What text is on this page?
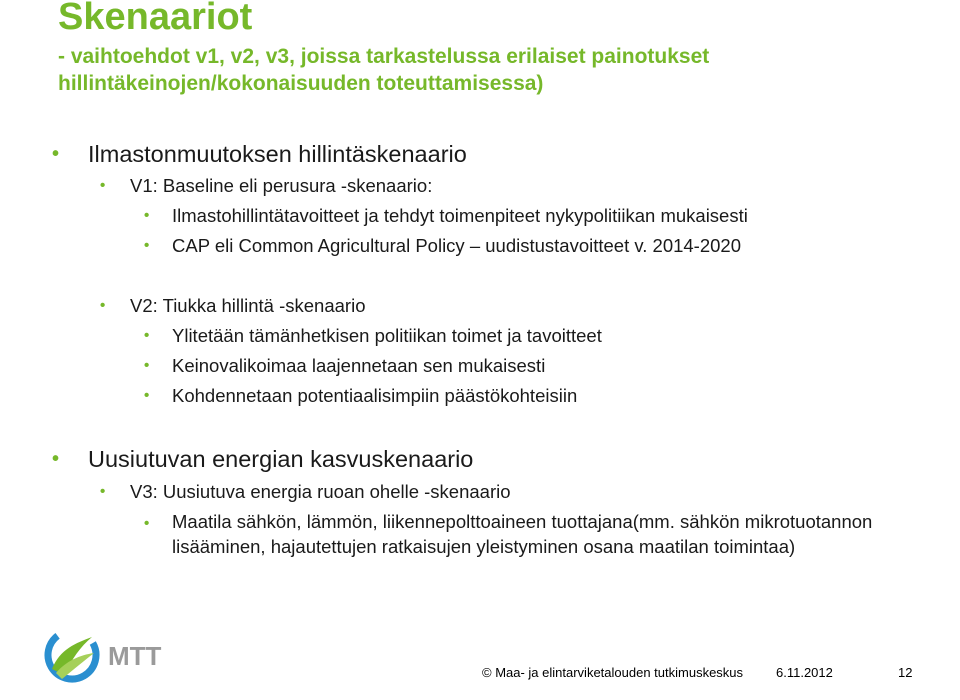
Skenaariot
- vaihtoehdot v1, v2, v3, joissa tarkastelussa erilaiset painotukset
hillintäkeinojen/kokonaisuuden toteuttamisessa)
• Ilmastonmuutoksen hillintäskenaario
• V1: Baseline eli perusura -skenaario:
• Ilmastohillintätavoitteet ja tehdyt toimenpiteet nykypolitiikan mukaisesti
• CAP eli Common Agricultural Policy – uudistustavoitteet v. 2014-2020
• V2: Tiukka hillintä -skenaario
• Ylitetään tämänhetkisen politiikan toimet ja tavoitteet
• Keinovalikoimaa laajennetaan sen mukaisesti
• Kohdennetaan potentiaalisimpiin päästökohteisiin
• Uusiutuvan energian kasvuskenaario
• V3: Uusiutuva energia ruoan ohelle -skenaario
• Maatila sähkön, lämmön, liikennepolttoaineen tuottajana(mm. sähkön mikrotuotannon lisääminen, hajautettujen ratkaisujen yleistyminen osana maatilan toimintaa)
MTT
© Maa- ja elintarviketalouden tutkimuskeskus	6.11.2012	12
